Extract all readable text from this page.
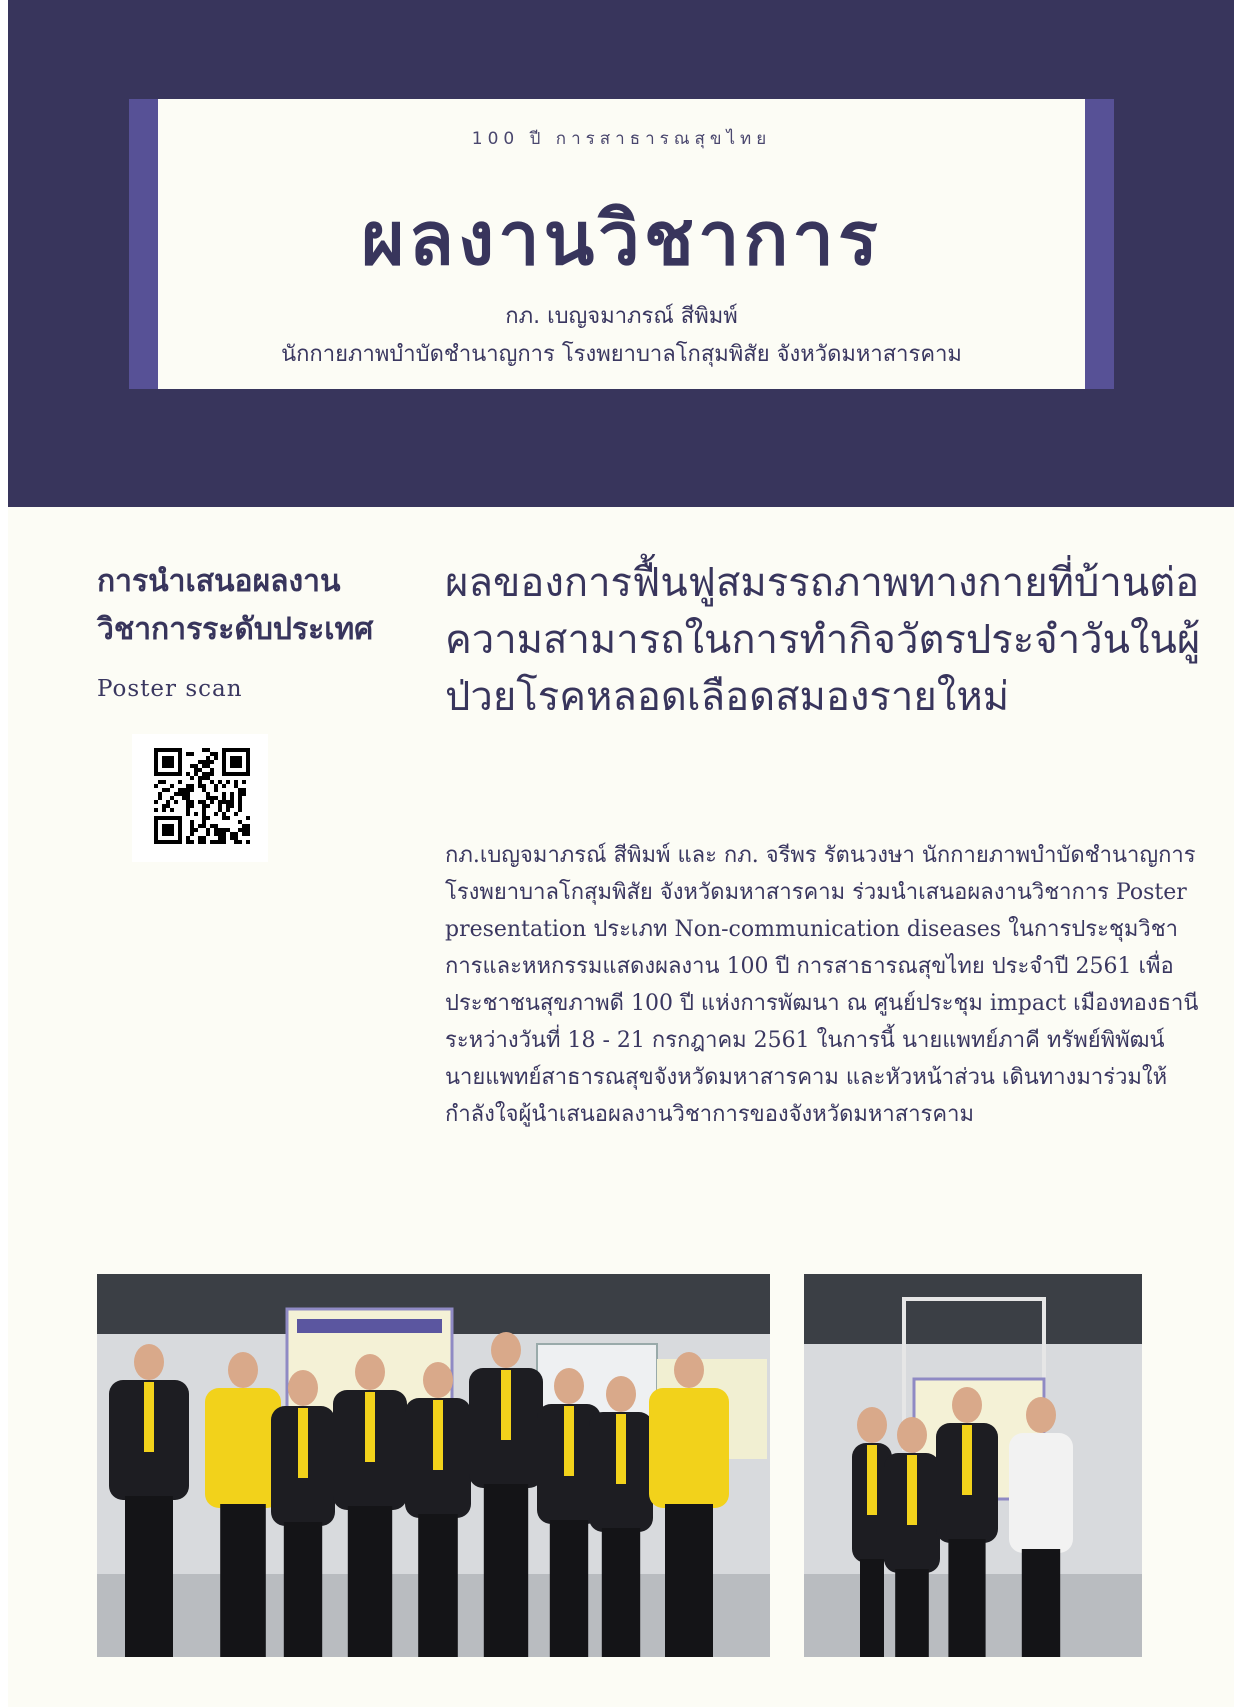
100 ปี การสาธารณสุขไทย
ผลงานวิชาการ
กภ. เบญจมาภรณ์ สีพิมพ์
นักกายภาพบำบัดชำนาญการ โรงพยาบาลโกสุมพิสัย จังหวัดมหาสารคาม
การนำเสนอผลงานวิชาการระดับประเทศ
Poster scan
ผลของการฟื้นฟูสมรรถภาพทางกายที่บ้านต่อความสามารถในการทำกิจวัตรประจำวันในผู้ป่วยโรคหลอดเลือดสมองรายใหม่
กภ.เบญจมาภรณ์ สีพิมพ์ และ กภ. จรีพร รัตนวงษา นักกายภาพบำบัดชำนาญการ โรงพยาบาลโกสุมพิสัย จังหวัดมหาสารคาม ร่วมนำเสนอผลงานวิชาการ Poster presentation ประเภท Non-communication diseases ในการประชุมวิชาการและหหกรรมแสดงผลงาน 100 ปี การสาธารณสุขไทย ประจำปี 2561 เพื่อประชาชนสุขภาพดี 100 ปี แห่งการพัฒนา ณ ศูนย์ประชุม impact เมืองทองธานี ระหว่างวันที่ 18 - 21 กรกฎาคม 2561 ในการนี้ นายแพทย์ภาคี ทรัพย์พิพัฒน์ นายแพทย์สาธารณสุขจังหวัดมหาสารคาม และหัวหน้าส่วน เดินทางมาร่วมให้กำลังใจผู้นำเสนอผลงานวิชาการของจังหวัดมหาสารคาม
